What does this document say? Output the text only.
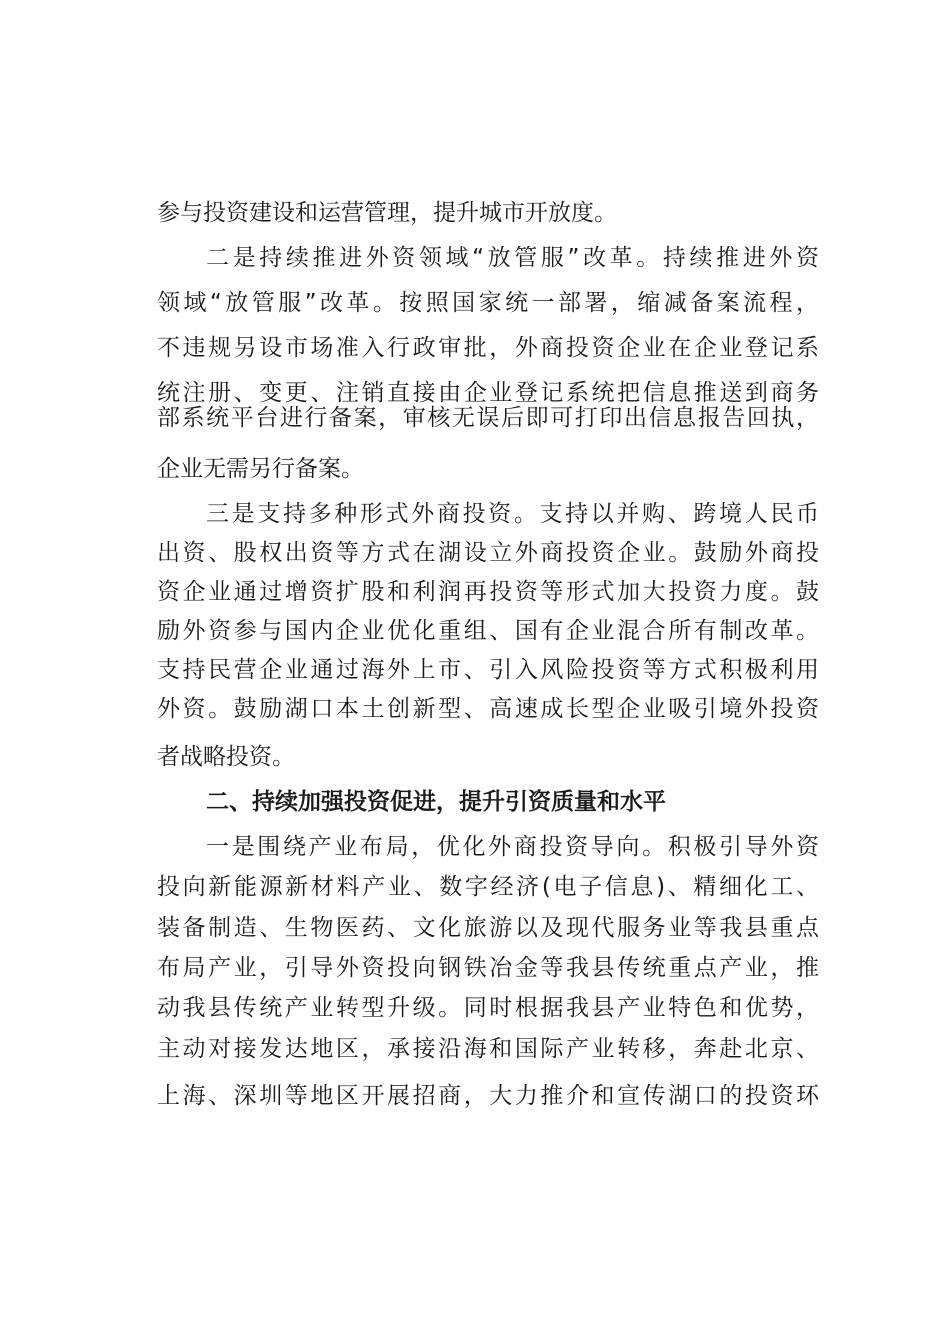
参与投资建设和运营管理，提升城市开放度。
二是持续推进外资领域“放管服”改革。持续推进外资
领域“放管服”改革。按照国家统一部署，缩减备案流程，
不违规另设市场准入行政审批，外商投资企业在企业登记系
统注册、变更、注销直接由企业登记系统把信息推送到商务
部系统平台进行备案，审核无误后即可打印出信息报告回执，
企业无需另行备案。
三是支持多种形式外商投资。支持以并购、跨境人民币
出资、股权出资等方式在湖设立外商投资企业。鼓励外商投
资企业通过增资扩股和利润再投资等形式加大投资力度。鼓
励外资参与国内企业优化重组、国有企业混合所有制改革。
支持民营企业通过海外上市、引入风险投资等方式积极利用
外资。鼓励湖口本土创新型、高速成长型企业吸引境外投资
者战略投资。
二、持续加强投资促进，提升引资质量和水平
一是围绕产业布局，优化外商投资导向。积极引导外资
投向新能源新材料产业、数字经济(电子信息)、精细化工、
装备制造、生物医药、文化旅游以及现代服务业等我县重点
布局产业，引导外资投向钢铁冶金等我县传统重点产业，推
动我县传统产业转型升级。同时根据我县产业特色和优势，
主动对接发达地区，承接沿海和国际产业转移，奔赴北京、
上海、深圳等地区开展招商，大力推介和宣传湖口的投资环
